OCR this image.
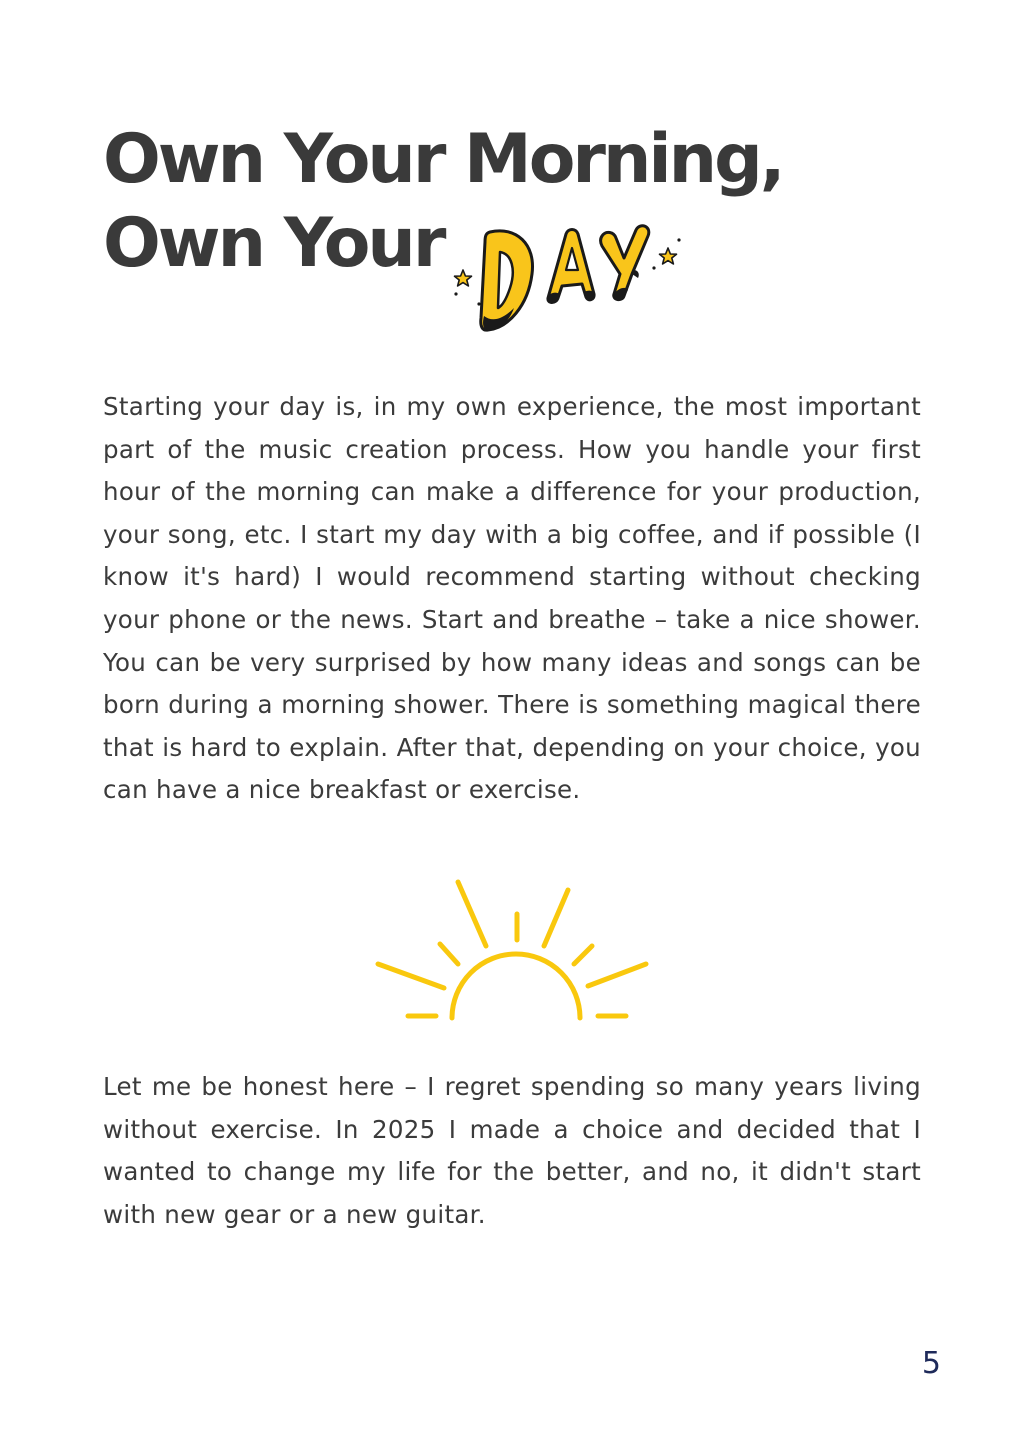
Own Your Morning,
Own Your

Starting your day is, in my own experience, the most important part of the music creation process. How you handle your first hour of the morning can make a difference for your production, your song, etc. I start my day with a big coffee, and if possible (I know it's hard) I would recommend starting without checking your phone or the news. Start and breathe – take a nice shower. You can be very surprised by how many ideas and songs can be born during a morning shower. There is something magical there that is hard to explain. After that, depending on your choice, you can have a nice breakfast or exercise.

Let me be honest here – I regret spending so many years living without exercise. In 2025 I made a choice and decided that I wanted to change my life for the better, and no, it didn't start with new gear or a new guitar.

5
